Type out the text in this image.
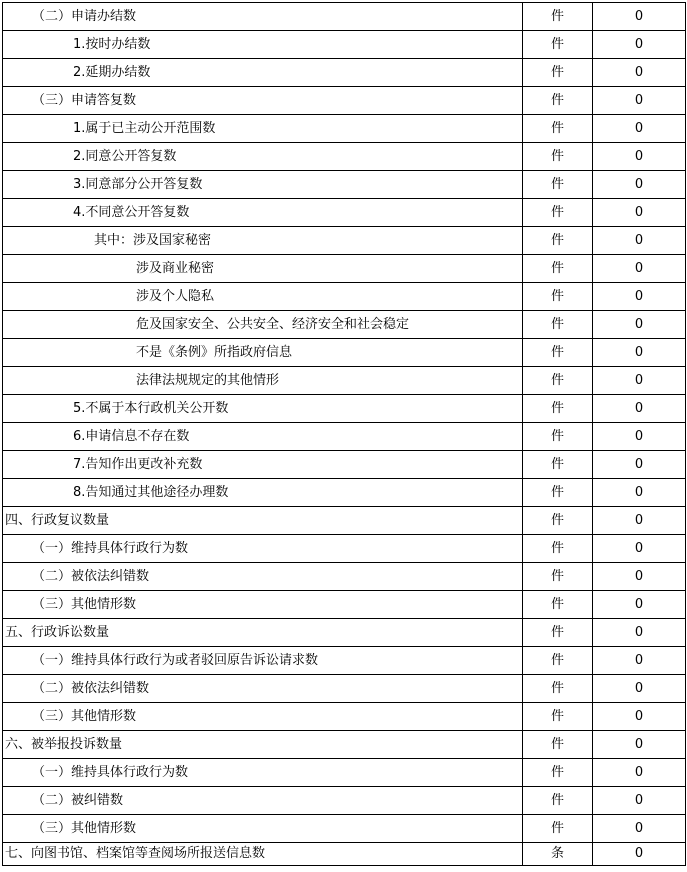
（二）申请办结数	件	0
1.按时办结数	件	0
2.延期办结数	件	0
（三）申请答复数	件	0
1.属于已主动公开范围数	件	0
2.同意公开答复数	件	0
3.同意部分公开答复数	件	0
4.不同意公开答复数	件	0
其中：涉及国家秘密	件	0
涉及商业秘密	件	0
涉及个人隐私	件	0
危及国家安全、公共安全、经济安全和社会稳定	件	0
不是《条例》所指政府信息	件	0
法律法规规定的其他情形	件	0
5.不属于本行政机关公开数	件	0
6.申请信息不存在数	件	0
7.告知作出更改补充数	件	0
8.告知通过其他途径办理数	件	0
四、行政复议数量	件	0
（一）维持具体行政行为数	件	0
（二）被依法纠错数	件	0
（三）其他情形数	件	0
五、行政诉讼数量	件	0
（一）维持具体行政行为或者驳回原告诉讼请求数	件	0
（二）被依法纠错数	件	0
（三）其他情形数	件	0
六、被举报投诉数量	件	0
（一）维持具体行政行为数	件	0
（二）被纠错数	件	0
（三）其他情形数	件	0
七、向图书馆、档案馆等查阅场所报送信息数	条	0
